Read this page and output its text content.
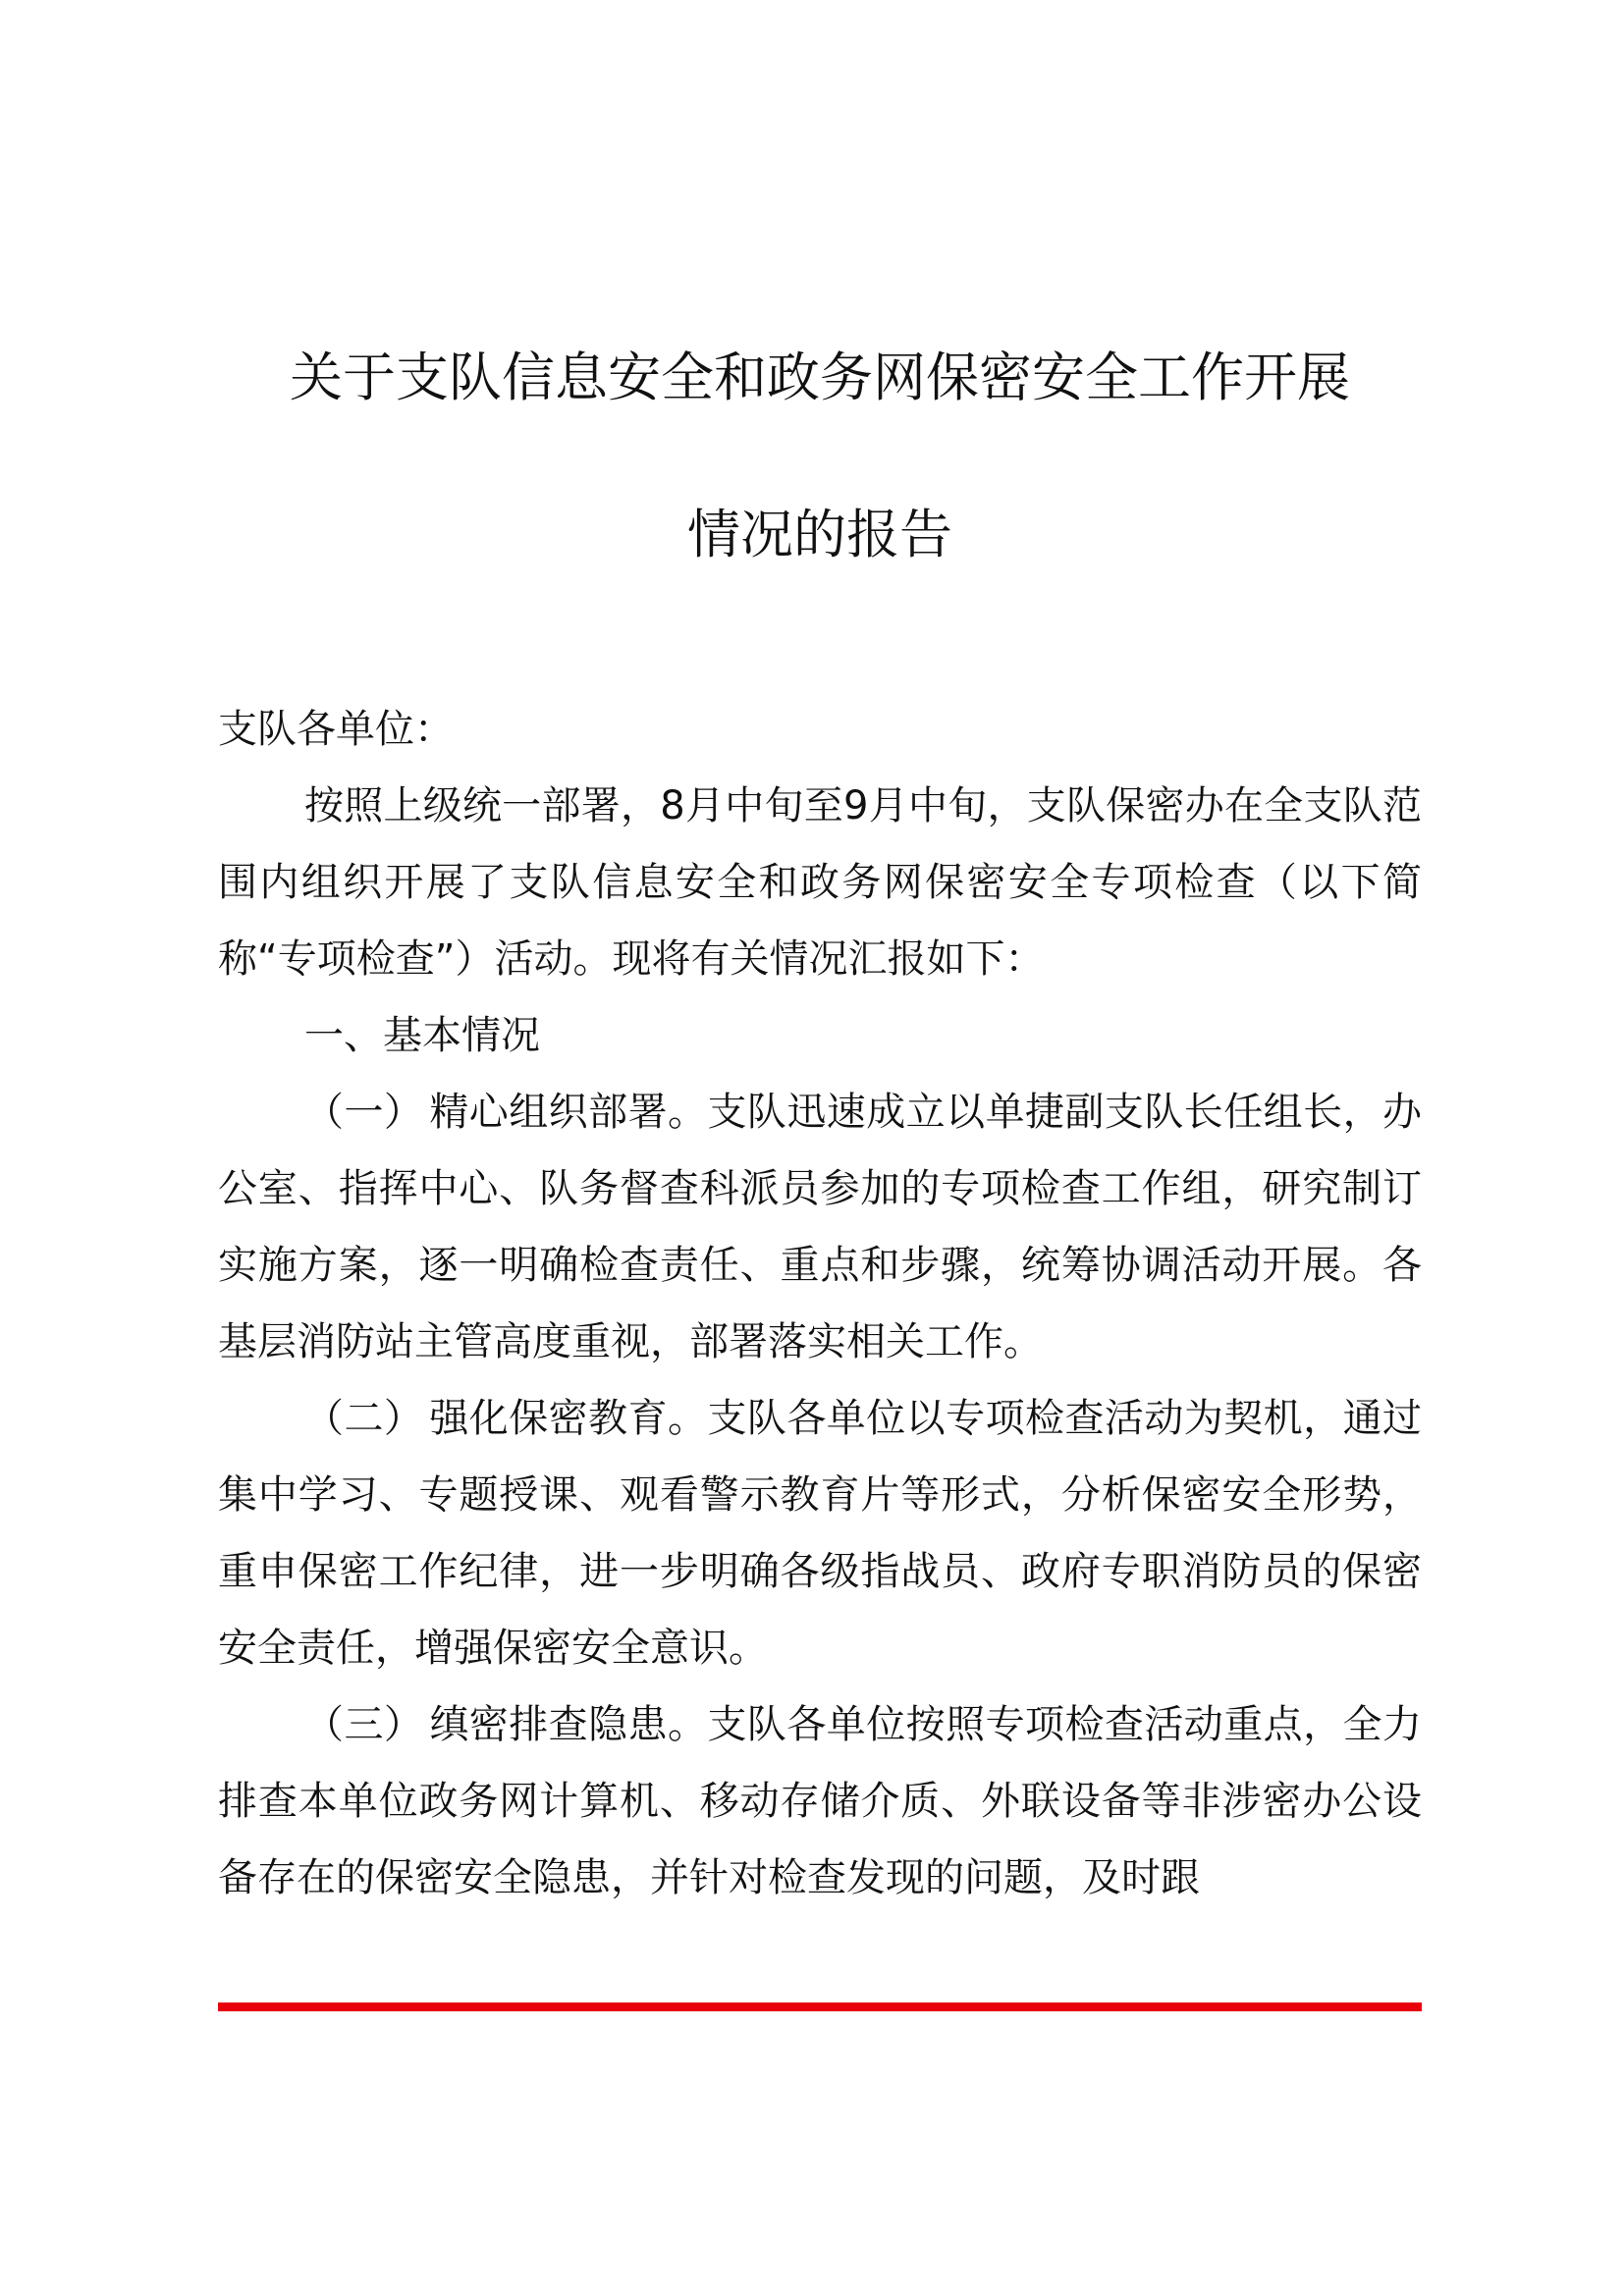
关于支队信息安全和政务网保密安全工作开展
情况的报告
支队各单位：

按照上级统一部署，8月中旬至9月中旬，支队保密办在全支队范围内组织开展了支队信息安全和政务网保密安全专项检查（以下简称“专项检查”）活动。现将有关情况汇报如下：

一、基本情况

（一） 精心组织部署。支队迅速成立以单捷副支队长任组长，办公室、指挥中心、队务督查科派员参加的专项检查工作组，研究制订实施方案，逐一明确检查责任、重点和步骤，统筹协调活动开展。各基层消防站主管高度重视，部署落实相关工作。

（二） 强化保密教育。支队各单位以专项检查活动为契机，通过集中学习、专题授课、观看警示教育片等形式，分析保密安全形势，重申保密工作纪律，进一步明确各级指战员、政府专职消防员的保密安全责任，增强保密安全意识。

（三） 缜密排查隐患。支队各单位按照专项检查活动重点，全力排查本单位政务网计算机、移动存储介质、外联设备等非涉密办公设备存在的保密安全隐患，并针对检查发现的问题，及时跟
